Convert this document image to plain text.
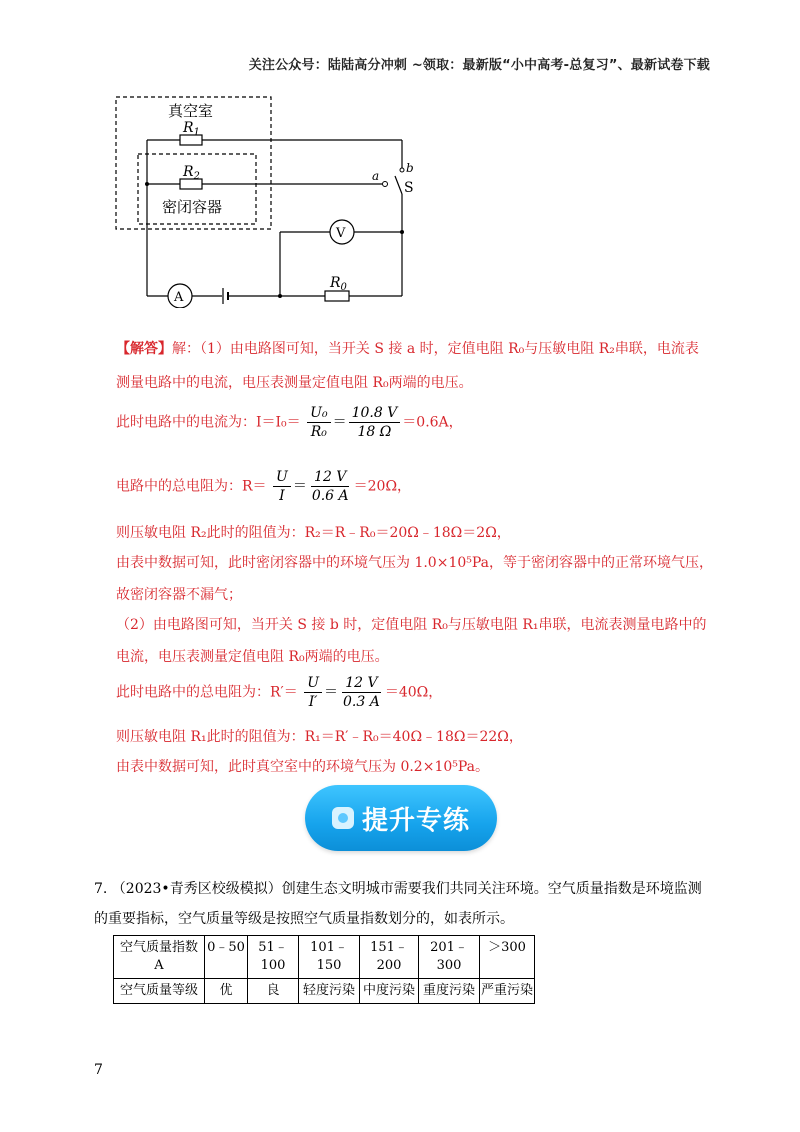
关注公众号：陆陆高分冲刺 ~领取：最新版“小中高考-总复习”、最新试卷下载
真空室
密闭容器
$R_1$
$R_2$	a
b
S
A
$R_0$
V
【解答】解：（1）由电路图可知，当开关 S 接 a 时，定值电阻 R₀与压敏电阻 R₂串联，电流表
测量电路中的电流，电压表测量定值电阻 R₀两端的电压。
此时电路中的电流为：$I=I_0= \frac{\text{U₀}}{\text{R₀}} = \frac{10.8 V}{18 \Omega} =0.6A$，
电路中的总电阻为：$R= \frac{U}{I} = \frac{12 V}{0.6 A} =20\Omega$，
则压敏电阻 R₂此时的阻值为：R₂＝R﹣R₀＝20Ω﹣18Ω＝2Ω，
由表中数据可知，此时密闭容器中的环境气压为 1.0×10⁵Pa，等于密闭容器中的正常环境气压，
故密闭容器不漏气；
（2）由电路图可知，当开关 S 接 b 时，定值电阻 R₀与压敏电阻 R₁串联，电流表测量电路中的
电流，电压表测量定值电阻 R₀两端的电压。
此时电路中的总电阻为：$R'= \frac{U}{I'} = \frac{12 V}{0.3 A} =40\Omega$，
则压敏电阻 R₁此时的阻值为：R₁＝R′﹣R₀＝40Ω﹣18Ω＝22Ω，
由表中数据可知，此时真空室中的环境气压为 0.2×10⁵Pa。
提升专练
7. （2023•青秀区校级模拟）创建生态文明城市需要我们共同关注环境。空气质量指数是环境监测
的重要指标，空气质量等级是按照空气质量指数划分的，如表所示。
空气质量指数 A	0﹣50	51﹣100	101﹣150	151﹣200	201﹣300	＞300
空气质量等级	优	良	轻度污染	中度污染	重度污染	严重污染
7
